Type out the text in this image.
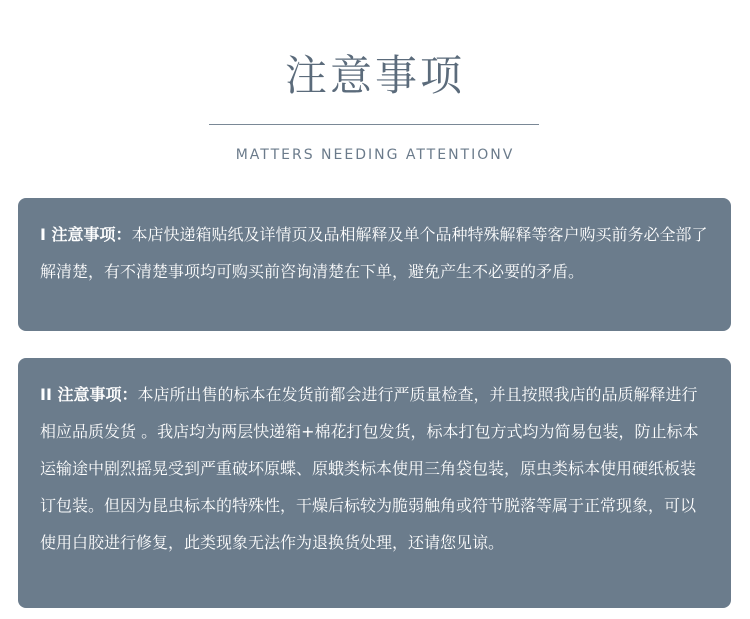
注意事项
MATTERS NEEDING ATTENTIONV

I 注意事项：本店快递箱贴纸及详情页及品相解释及单个品种特殊解释等客户购买前务必全部了解清楚，有不清楚事项均可购买前咨询清楚在下单，避免产生不必要的矛盾。

II 注意事项：本店所出售的标本在发货前都会进行严质量检查，并且按照我店的品质解释进行相应品质发货 。我店均为两层快递箱+棉花打包发货，标本打包方式均为简易包装，防止标本运输途中剧烈摇晃受到严重破坏原蝶、原蛾类标本使用三角袋包装，原虫类标本使用硬纸板装订包装。但因为昆虫标本的特殊性，干燥后标较为脆弱触角或符节脱落等属于正常现象，可以使用白胶进行修复，此类现象无法作为退换货处理，还请您见谅。
